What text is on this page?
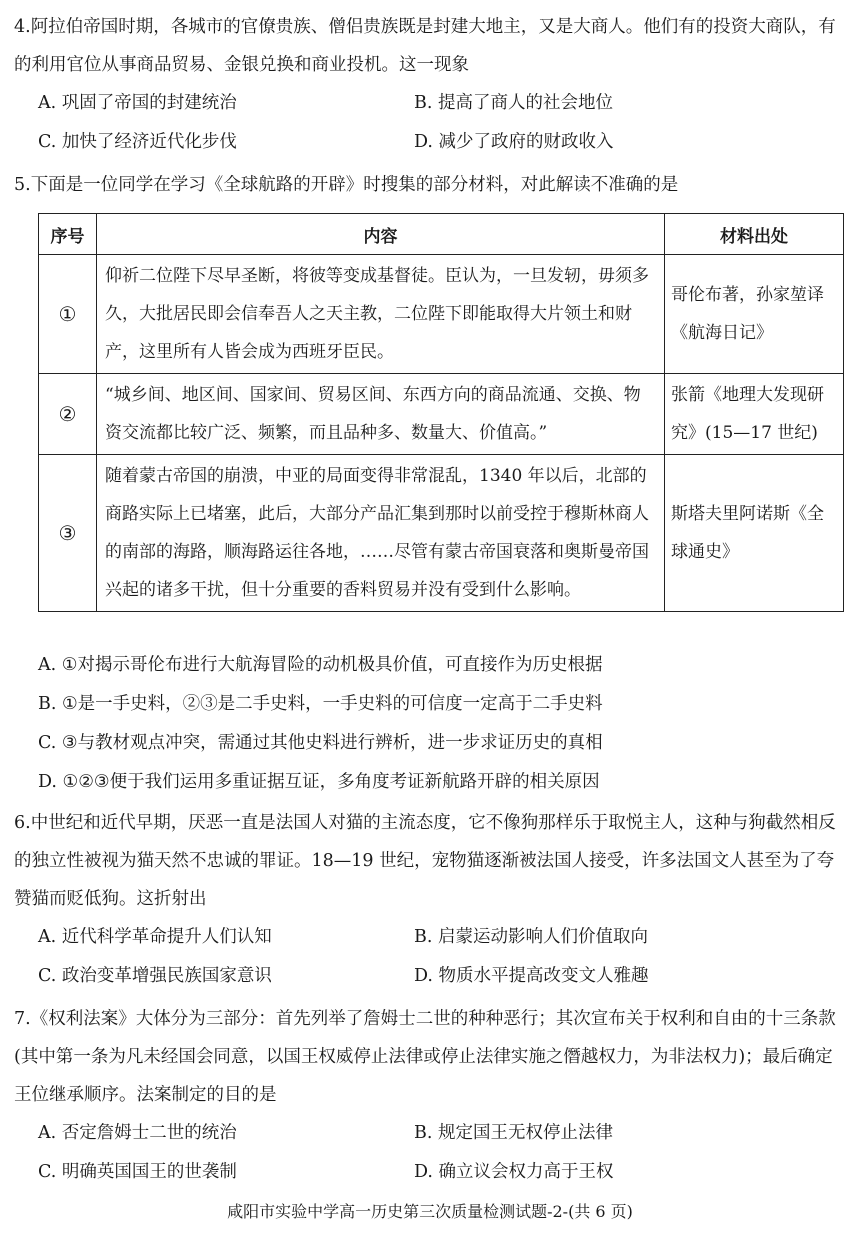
4.阿拉伯帝国时期，各城市的官僚贵族、僧侣贵族既是封建大地主，又是大商人。他们有的投资大商队，有的利用官位从事商品贸易、金银兑换和商业投机。这一现象

A. 巩固了帝国的封建统治	B. 提高了商人的社会地位
C. 加快了经济近代化步伐	D. 减少了政府的财政收入

5.下面是一位同学在学习《全球航路的开辟》时搜集的部分材料，对此解读不准确的是

序号	内容	材料出处
①	仰祈二位陛下尽早圣断，将彼等变成基督徒。臣认为，一旦发轫，毋须多久，大批居民即会信奉吾人之天主教，二位陛下即能取得大片领土和财产，这里所有人皆会成为西班牙臣民。	哥伦布著，孙家堃译《航海日记》
②	“城乡间、地区间、国家间、贸易区间、东西方向的商品流通、交换、物资交流都比较广泛、频繁，而且品种多、数量大、价值高。”	张箭《地理大发现研究》(15—17 世纪)
③	随着蒙古帝国的崩溃，中亚的局面变得非常混乱，1340 年以后，北部的商路实际上已堵塞，此后，大部分产品汇集到那时以前受控于穆斯林商人的南部的海路，顺海路运往各地，……尽管有蒙古帝国衰落和奥斯曼帝国兴起的诸多干扰，但十分重要的香料贸易并没有受到什么影响。	斯塔夫里阿诺斯《全球通史》
A. ①对揭示哥伦布进行大航海冒险的动机极具价值，可直接作为历史根据
B. ①是一手史料，②③是二手史料，一手史料的可信度一定高于二手史料
C. ③与教材观点冲突，需通过其他史料进行辨析，进一步求证历史的真相
D. ①②③便于我们运用多重证据互证，多角度考证新航路开辟的相关原因

6.中世纪和近代早期，厌恶一直是法国人对猫的主流态度，它不像狗那样乐于取悦主人，这种与狗截然相反的独立性被视为猫天然不忠诚的罪证。18—19 世纪，宠物猫逐渐被法国人接受，许多法国文人甚至为了夸赞猫而贬低狗。这折射出

A. 近代科学革命提升人们认知	B. 启蒙运动影响人们价值取向
C. 政治变革增强民族国家意识	D. 物质水平提高改变文人雅趣

7.《权利法案》大体分为三部分：首先列举了詹姆士二世的种种恶行；其次宣布关于权利和自由的十三条款(其中第一条为凡未经国会同意，以国王权威停止法律或停止法律实施之僭越权力，为非法权力)；最后确定王位继承顺序。法案制定的目的是

A. 否定詹姆士二世的统治	B. 规定国王无权停止法律
C. 明确英国国王的世袭制	D. 确立议会权力高于王权
咸阳市实验中学高一历史第三次质量检测试题-2-(共 6 页)
